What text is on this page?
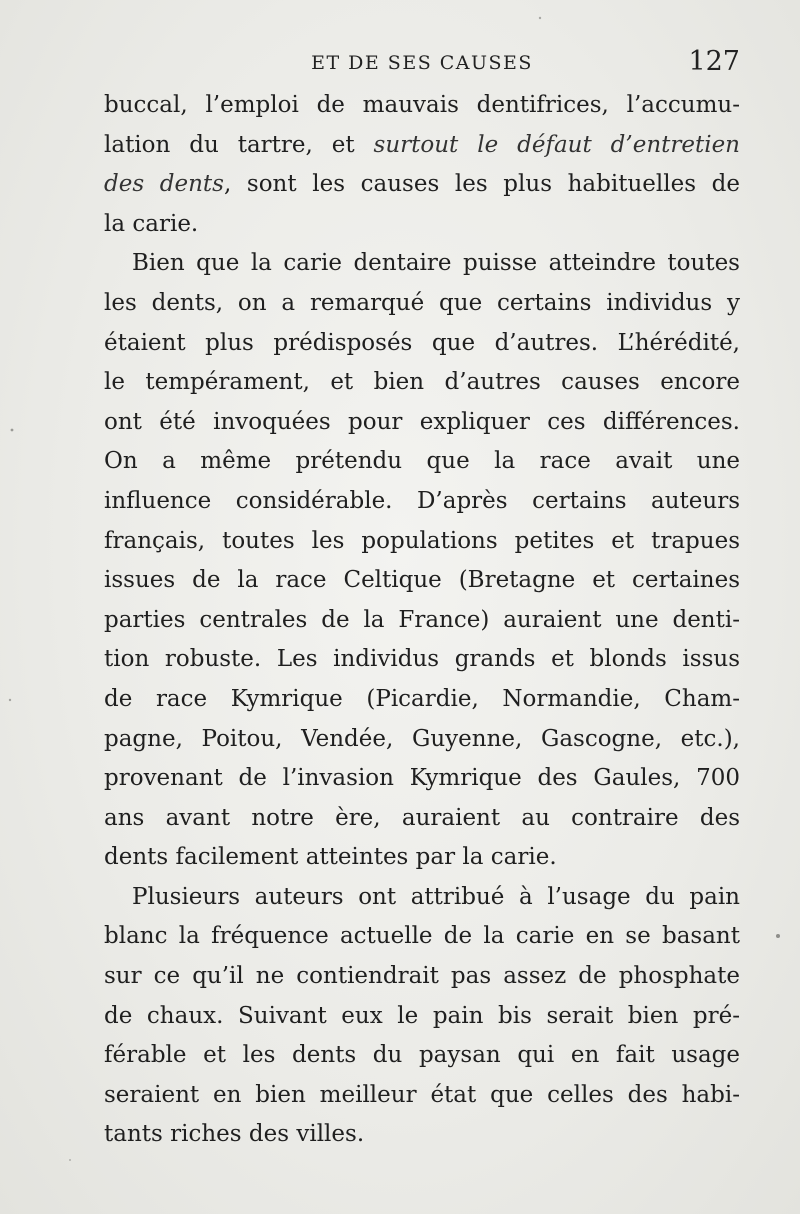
ET DE SES CAUSES	127
buccal, l’emploi de mauvais dentifrices, l’accumu-
lation du tartre, et surtout le défaut d’entretien
des dents, sont les causes les plus habituelles de
la carie.
Bien que la carie dentaire puisse atteindre toutes
les dents, on a remarqué que certains individus y
étaient plus prédisposés que d’autres. L’hérédité,
le tempérament, et bien d’autres causes encore
ont été invoquées pour expliquer ces différences.
On a même prétendu que la race avait une
influence considérable. D’après certains auteurs
français, toutes les populations petites et trapues
issues de la race Celtique (Bretagne et certaines
parties centrales de la France) auraient une denti-
tion robuste. Les individus grands et blonds issus
de race Kymrique (Picardie, Normandie, Cham-
pagne, Poitou, Vendée, Guyenne, Gascogne, etc.),
provenant de l’invasion Kymrique des Gaules, 700
ans avant notre ère, auraient au contraire des
dents facilement atteintes par la carie.
Plusieurs auteurs ont attribué à l’usage du pain
blanc la fréquence actuelle de la carie en se basant
sur ce qu’il ne contiendrait pas assez de phosphate
de chaux. Suivant eux le pain bis serait bien pré-
férable et les dents du paysan qui en fait usage
seraient en bien meilleur état que celles des habi-
tants riches des villes.
